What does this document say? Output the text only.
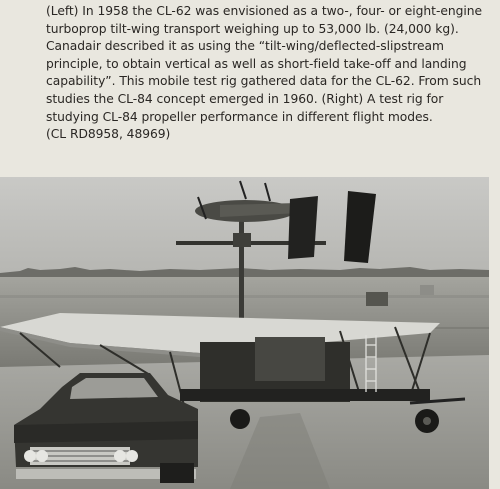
(Left) In 1958 the CL-62 was envisioned as a two-, four- or eight-engine
turboprop tilt-wing transport weighing up to 53,000 lb. (24,000 kg).
Canadair described it as using the “tilt-wing/deflected-slipstream
principle, to obtain vertical as well as short-field take-off and landing
capability”. This mobile test rig gathered data for the CL-62. From such
studies the CL-84 concept emerged in 1960. (Right) A test rig for
studying CL-84 propeller performance in different flight modes.
(CL RD8958, 48969)
